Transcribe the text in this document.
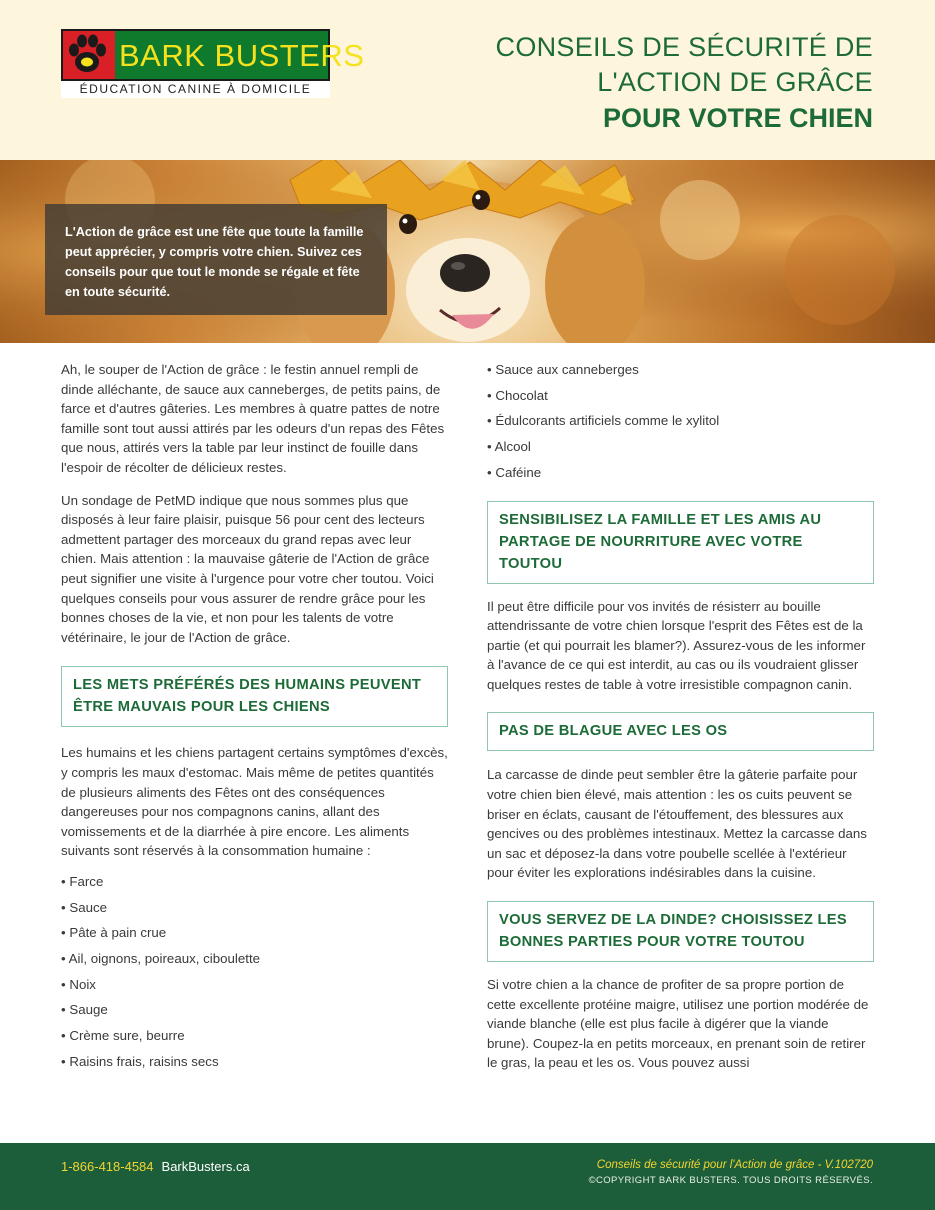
BARK BUSTERS
ÉDUCATION CANINE À DOMICILE
CONSEILS DE SÉCURITÉ DE
L'ACTION DE GRÂCE
POUR VOTRE CHIEN
L'Action de grâce est une fête que toute la famille peut apprécier, y compris votre chien. Suivez ces conseils pour que tout le monde se régale et fête en toute sécurité.

Ah, le souper de l'Action de grâce : le festin annuel rempli de dinde alléchante, de sauce aux canneberges, de petits pains, de farce et d'autres gâteries. Les membres à quatre pattes de notre famille sont tout aussi attirés par les odeurs d'un repas des Fêtes que nous, attirés vers la table par leur instinct de fouille dans l'espoir de récolter de délicieux restes.

Un sondage de PetMD indique que nous sommes plus que disposés à leur faire plaisir, puisque 56 pour cent des lecteurs admettent partager des morceaux du grand repas avec leur chien. Mais attention : la mauvaise gâterie de l'Action de grâce peut signifier une visite à l'urgence pour votre cher toutou. Voici quelques conseils pour vous assurer de rendre grâce pour les bonnes choses de la vie, et non pour les talents de votre vétérinaire, le jour de l'Action de grâce.

LES METS PRÉFÉRÉS DES HUMAINS PEUVENT ÊTRE MAUVAIS POUR LES CHIENS

Les humains et les chiens partagent certains symptômes d'excès, y compris les maux d'estomac. Mais même de petites quantités de plusieurs aliments des Fêtes ont des conséquences dangereuses pour nos compagnons canins, allant des vomissements et de la diarrhée à pire encore. Les aliments suivants sont réservés à la consommation humaine :

• Farce
• Sauce
• Pâte à pain crue
• Ail, oignons, poireaux, ciboulette
• Noix
• Sauge
• Crème sure, beurre
• Raisins frais, raisins secs
• Sauce aux canneberges
• Chocolat
• Édulcorants artificiels comme le xylitol
• Alcool
• Caféine
SENSIBILISEZ LA FAMILLE ET LES AMIS AU PARTAGE DE NOURRITURE AVEC VOTRE TOUTOU

Il peut être difficile pour vos invités de résisterr au bouille attendrissante de votre chien lorsque l'esprit des Fêtes est de la partie (et qui pourrait les blamer?). Assurez-vous de les informer à l'avance de ce qui est interdit, au cas ou ils voudraient glisser quelques restes de table à votre irresistible compagnon canin.

PAS DE BLAGUE AVEC LES OS

La carcasse de dinde peut sembler être la gâterie parfaite pour votre chien bien élevé, mais attention : les os cuits peuvent se briser en éclats, causant de l'étouffement, des blessures aux gencives ou des problèmes intestinaux. Mettez la carcasse dans un sac et déposez-la dans votre poubelle scellée à l'extérieur pour éviter les explorations indésirables dans la cuisine.

VOUS SERVEZ DE LA DINDE? CHOISISSEZ LES BONNES PARTIES POUR VOTRE TOUTOU

Si votre chien a la chance de profiter de sa propre portion de cette excellente protéine maigre, utilisez une portion modérée de viande blanche (elle est plus facile à digérer que la viande brune). Coupez-la en petits morceaux, en prenant soin de retirer le gras, la peau et les os. Vous pouvez aussi

1-866-418-4584 BarkBusters.ca	Conseils de sécurité pour l'Action de grâce - V.102720
©COPYRIGHT BARK BUSTERS. TOUS DROITS RÉSERVÉS.
